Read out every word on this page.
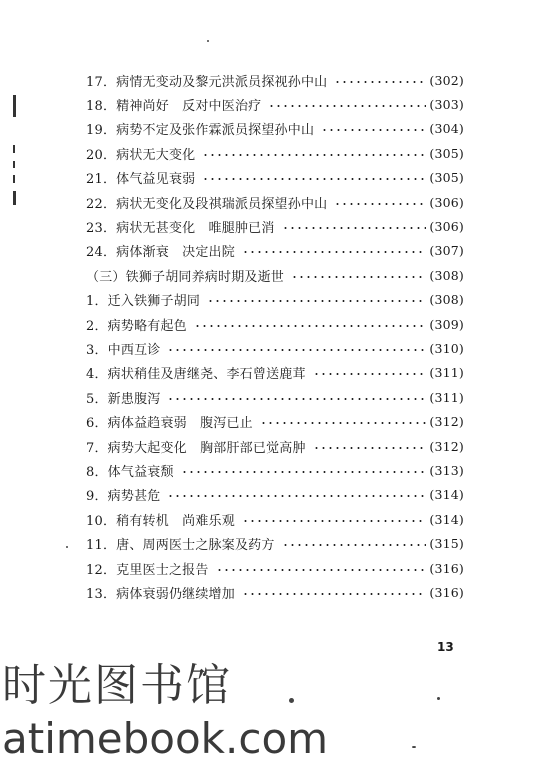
17．病情无变动及黎元洪派员探视孙中山	(302)
18．精神尚好　反对中医治疗	(303)
19．病势不定及张作霖派员探望孙中山	(304)
20．病状无大变化	(305)
21．体气益见衰弱	(305)
22．病状无变化及段祺瑞派员探望孙中山	(306)
23．病状无甚变化　唯腿肿已消	(306)
24．病体渐衰　决定出院	(307)
（三）铁狮子胡同养病时期及逝世	(308)
1．迁入铁狮子胡同	(308)
2．病势略有起色	(309)
3．中西互诊	(310)
4．病状稍佳及唐继尧、李石曾送鹿茸	(311)
5．新患腹泻	(311)
6．病体益趋衰弱　腹泻已止	(312)
7．病势大起变化　胸部肝部已觉高肿	(312)
8．体气益衰颓	(313)
9．病势甚危	(314)
10．稍有转机　尚难乐观	(314)
11．唐、周两医士之脉案及药方	(315)
12．克里医士之报告	(316)
13．病体衰弱仍继续增加	(316)
13
时光图书馆
atimebook.com
